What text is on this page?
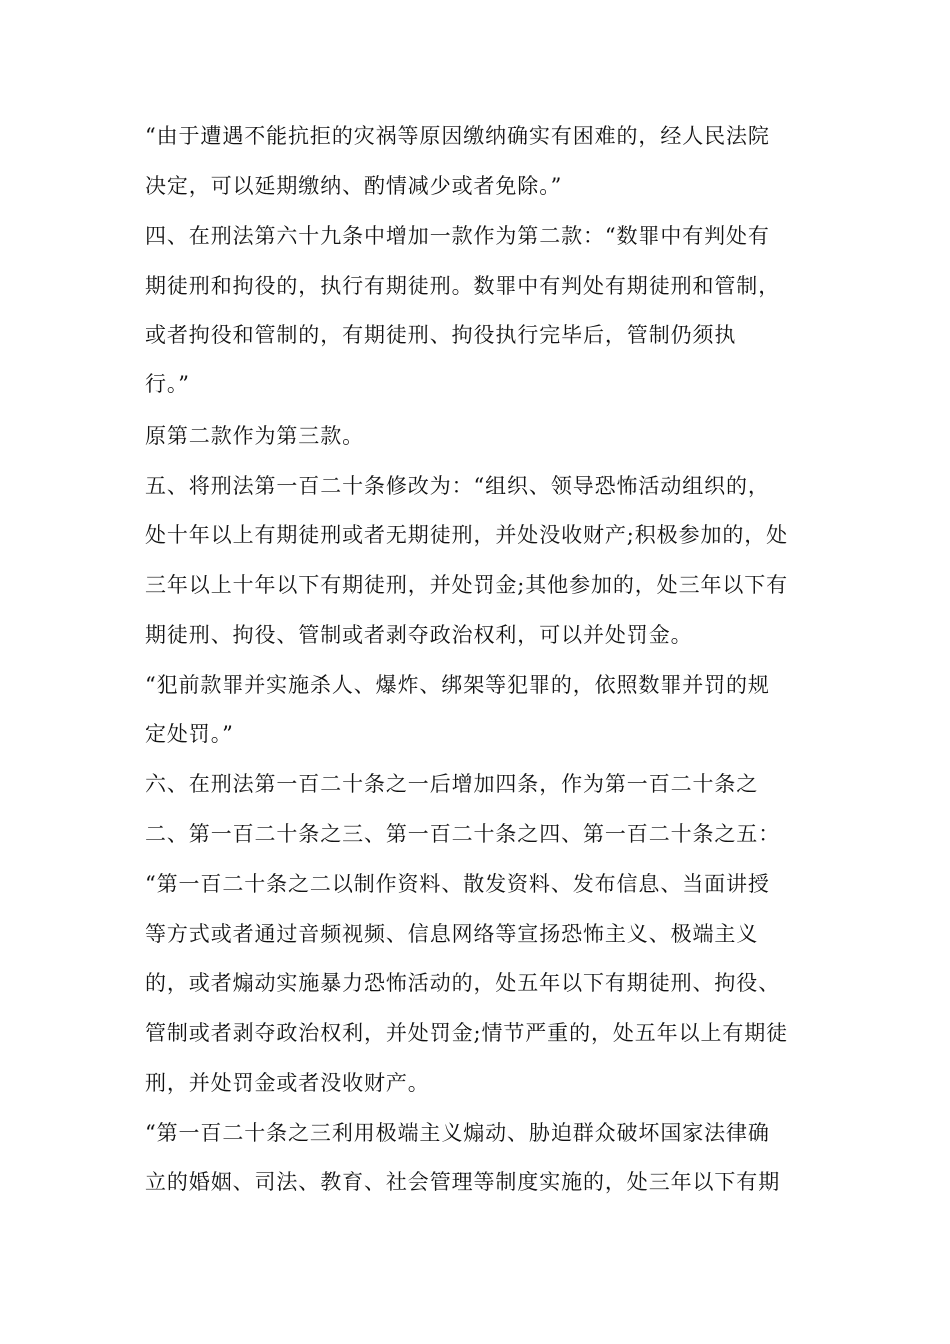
“由于遭遇不能抗拒的灾祸等原因缴纳确实有困难的，经人民法院
决定，可以延期缴纳、酌情减少或者免除。”
四、在刑法第六十九条中增加一款作为第二款：“数罪中有判处有
期徒刑和拘役的，执行有期徒刑。数罪中有判处有期徒刑和管制，
或者拘役和管制的，有期徒刑、拘役执行完毕后，管制仍须执
行。”
原第二款作为第三款。
五、将刑法第一百二十条修改为：“组织、领导恐怖活动组织的，
处十年以上有期徒刑或者无期徒刑，并处没收财产;积极参加的，处
三年以上十年以下有期徒刑，并处罚金;其他参加的，处三年以下有
期徒刑、拘役、管制或者剥夺政治权利，可以并处罚金。
“犯前款罪并实施杀人、爆炸、绑架等犯罪的，依照数罪并罚的规
定处罚。”
六、在刑法第一百二十条之一后增加四条，作为第一百二十条之
二、第一百二十条之三、第一百二十条之四、第一百二十条之五：
“第一百二十条之二以制作资料、散发资料、发布信息、当面讲授
等方式或者通过音频视频、信息网络等宣扬恐怖主义、极端主义
的，或者煽动实施暴力恐怖活动的，处五年以下有期徒刑、拘役、
管制或者剥夺政治权利，并处罚金;情节严重的，处五年以上有期徒
刑，并处罚金或者没收财产。
“第一百二十条之三利用极端主义煽动、胁迫群众破坏国家法律确
立的婚姻、司法、教育、社会管理等制度实施的，处三年以下有期
